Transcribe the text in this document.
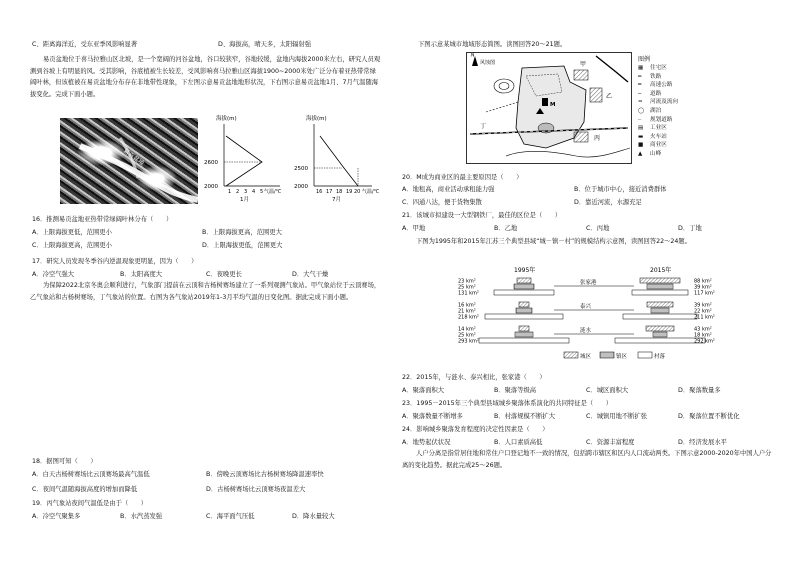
C、距离海洋近，受东亚季风影响显著	D、海拔高，晴天多，太阳辐射强
易贡盆地位于喜马拉雅山区北坡，是一个宽阔的河谷盆地，谷口较狭窄，谷地较缓，盆地内海拔2000米左右，研究人员观测到谷坡上有明显的风。受其影响，谷底植被生长较差，受风影响喜马拉雅山区海拔1900~2000米处广泛分布着亚热带常绿阔叶林，但该植被在易贡盆地分布存在非地带性现象，下左图示意易贡盆地地形状况，下右图示意易贡盆地1月、7月气温随海拔变化。完成下面小题。
易贡盆地
海拔(m)
2600
2000
1 2 3 4 5 气温/℃
1月
海拔(m)
2500
2000
16 17 18 19 20 气温/℃
7月
16．推测易贡盆地亚热带常绿阔叶林分布（　　）
A．上限海拔更低，范围更小	B．上限海拔更高，范围更大
C．上限海拔更高，范围更小	D．上限海拔更低，范围更大
17．研究人员发现冬季谷内逆温现象更明显，因为（　　）
A．冷空气强大	B．太阳高度大	C．夜晚更长	D．大气干燥
为保障2022北京冬奥会顺利进行，气象部门提前在云顶和古杨树赛场建立了一系列观测气象站。甲气象站位于云顶赛场，乙气象站和古杨树赛场，丁气象站的位置。右图为各气象站2019年1-3月平均气温的日变化图。据此完成下面小题。
18．据图可知（　　）
A．白天古杨树赛场比云顶赛场最高气温低	B．傍晚云顶赛场比古杨树赛场降温速率快
C．夜间气温随海拔高度的增加而降低	D．古杨树赛场比云顶赛场夜温差大
19．丙气象站夜间气温低是由于（　　）
A．冷空气聚集多	B．水汽蒸发强	C．海平面气压低	D．降水量较大
下图示意某城市地域形态简图。读图回答20～21题。
N
风蚀图
M
甲
乙
丙
丁
图例
▦ 住宅区
━ 铁路
═ 高速公路
─ 道路
≈ 河流及流向
◯ 湖泊
┄ 规划道路
▤ 工业区
▬ 火车站
■ 商业区
▲ 山峰
20．M成为商业区的最主要原因是（　　）
A．地租高，商业活动承租能力强	B．位于城市中心，接近消费群体
C．四通八达，便于货物集散	D．靠近河流，水源充足
21．该城市拟建设一大型钢铁厂，最佳的区位是（　　）
A．甲地	B．乙地	C．丙地	D．丁地
下图为1995年和2015年江苏三个典型县域“城－镇－村”的规模结构示意图，读图回答22～24题。
1995年	2015年
23 km²
25 km²
131 km²
张家港	88 km²
39 km²
117 km²
16 km²
21 km²
218 km²
泰兴	39 km²
22 km²
211 km²
14 km²
25 km²
293 km²
涟水	43 km²
18 km²
292 km²
城区	镇区	村落
22．2015年，与涟水、泰兴相比，张家港（　　）
A．聚落面积大	B．聚落等级高	C．城区面积大	D．聚落数量多
23．1995－2015年三个典型县域城乡聚落体系演化的共同特征是（　　）
A．聚落数量不断增多	B．村落规模不断扩大	C．城镇用地不断扩张	D．聚落位置不断优化
24．影响城乡聚落发育程度的决定性因素是（　　）
A．地势起伏状况	B．人口素质高低	C．资源丰富程度	D．经济发展水平
人户分离是指常居住地和常住户口登记地不一致的情况，包括跨市辖区和区内人口流动两类。下图示意2000-2020年中国人户分离的变化趋势。据此完成25～26题。
